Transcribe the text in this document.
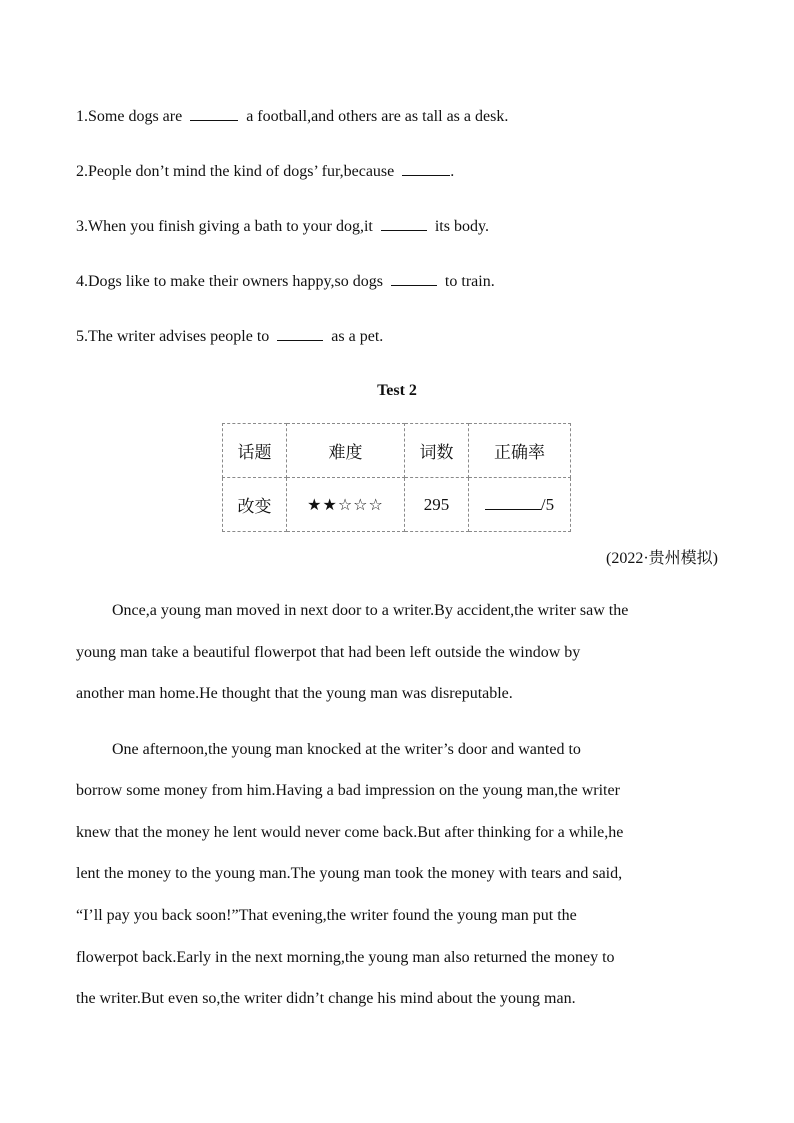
1.Some dogs are	a football,and others are as tall as a desk.
2.People don’t mind the kind of dogs’ fur,because	.
3.When you finish giving a bath to your dog,it	its body.
4.Dogs like to make their owners happy,so dogs	to train.
5.The writer advises people to	as a pet.
Test 2
话题	难度	词数	正确率
改变	★★☆☆☆	295	/5
(2022·贵州模拟)
Once,a young man moved in next door to a writer.By accident,the writer saw the
young man take a beautiful flowerpot that had been left outside the window by
another man home.He thought that the young man was disreputable.
One afternoon,the young man knocked at the writer’s door and wanted to
borrow some money from him.Having a bad impression on the young man,the writer
knew that the money he lent would never come back.But after thinking for a while,he
lent the money to the young man.The young man took the money with tears and said,
“I’ll pay you back soon!”That evening,the writer found the young man put the
flowerpot back.Early in the next morning,the young man also returned the money to
the writer.But even so,the writer didn’t change his mind about the young man.
